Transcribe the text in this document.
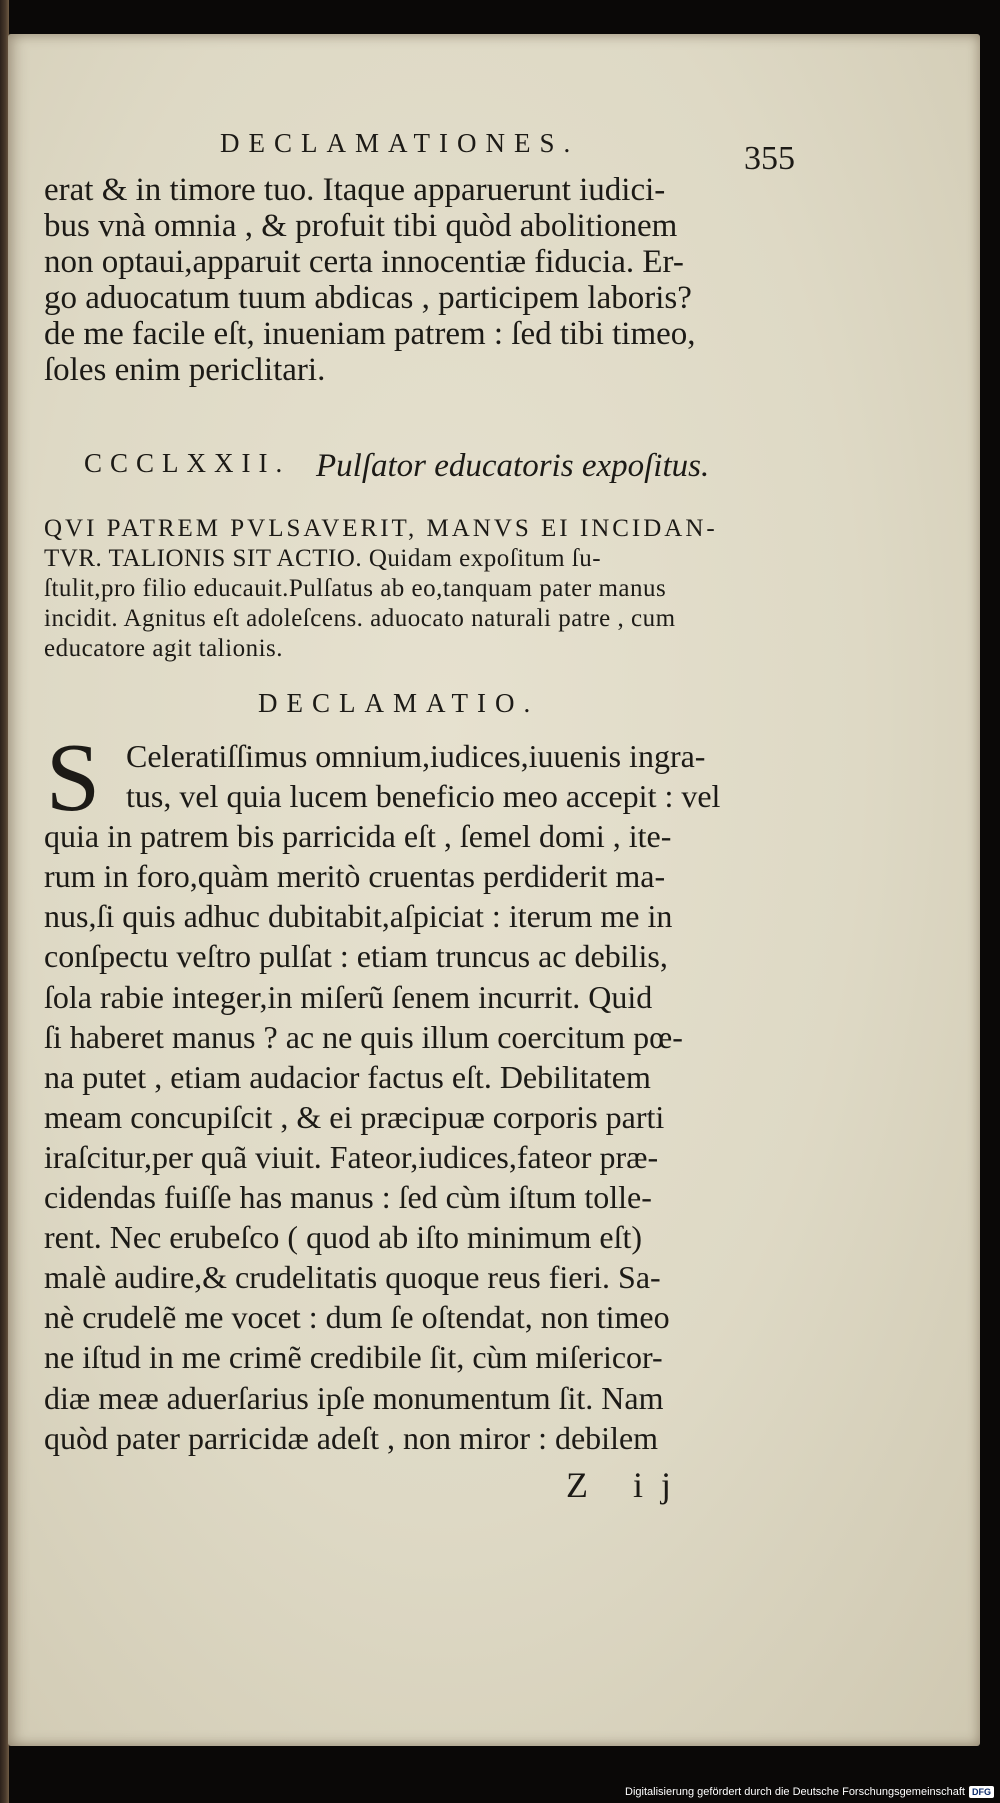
DECLAMATIONES.	355
erat & in timore tuo. Itaque apparuerunt iudici-
bus vnà omnia , & profuit tibi quòd abolitionem
non optaui,apparuit certa innocentiæ fiducia. Er-
go aduocatum tuum abdicas , participem laboris?
de me facile eſt, inueniam patrem : ſed tibi timeo,
ſoles enim periclitari.
CCCLXXII. Pulſator educatoris expoſitus.
QVI PATREM PVLSAVERIT, MANVS EI INCIDAN-
TVR. TALIONIS SIT ACTIO. Quidam expoſitum ſu-
ſtulit,pro filio educauit.Pulſatus ab eo,tanquam pater manus
incidit. Agnitus eſt adoleſcens. aduocato naturali patre , cum
educatore agit talionis.
DECLAMATIO.
S Celeratiſſimus omnium,iudices,iuuenis ingra-
tus, vel quia lucem beneficio meo accepit : vel
quia in patrem bis parricida eſt , ſemel domi , ite-
rum in foro,quàm meritò cruentas perdiderit ma-
nus,ſi quis adhuc dubitabit,aſpiciat : iterum me in
conſpectu veſtro pulſat : etiam truncus ac debilis,
ſola rabie integer,in miſerũ ſenem incurrit. Quid
ſi haberet manus ? ac ne quis illum coercitum pœ-
na putet , etiam audacior factus eſt. Debilitatem
meam concupiſcit , & ei præcipuæ corporis parti
iraſcitur,per quã viuit. Fateor,iudices,fateor præ-
cidendas fuiſſe has manus : ſed cùm iſtum tolle-
rent. Nec erubeſco ( quod ab iſto minimum eſt)
malè audire,& crudelitatis quoque reus fieri. Sa-
nè crudelẽ me vocet : dum ſe oſtendat, non timeo
ne iſtud in me crimẽ credibile ſit, cùm miſericor-
diæ meæ aduerſarius ipſe monumentum ſit. Nam
quòd pater parricidæ adeſt , non miror : debilem
Z ij
Digitalisierung gefördert durch die Deutsche Forschungsgemeinschaft DFG
